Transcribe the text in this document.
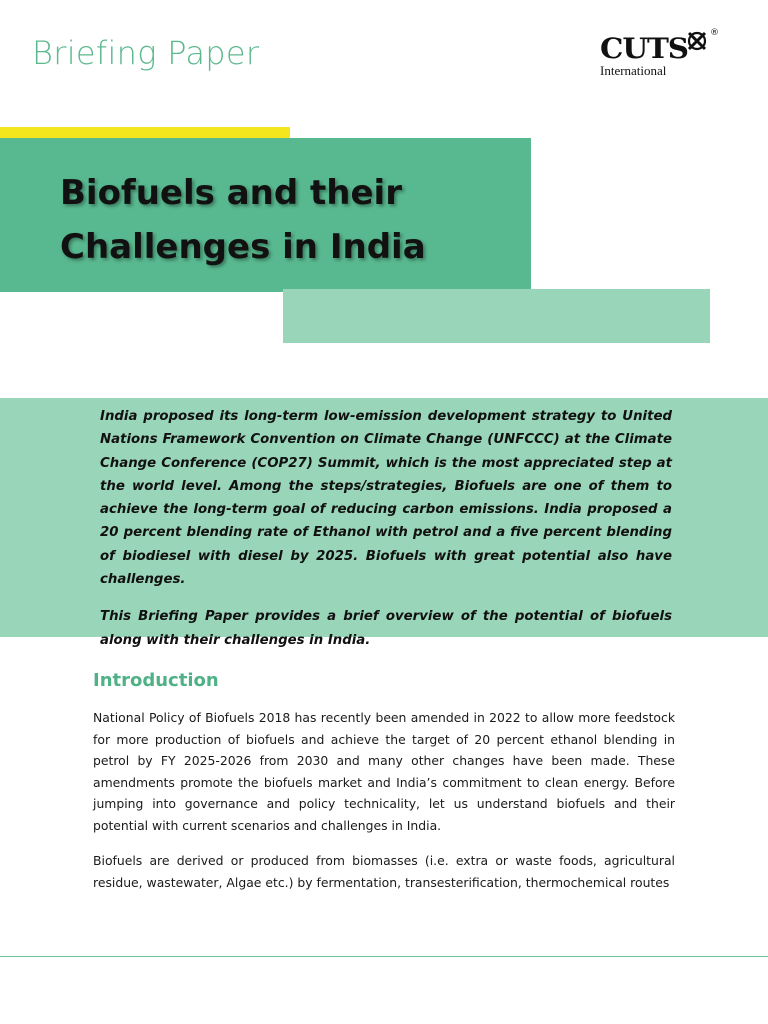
Briefing Paper	CUTS ®
International
Biofuels and their
Challenges in India

India proposed its long-term low-emission development strategy to United Nations Framework Convention on Climate Change (UNFCCC) at the Climate Change Conference (COP27) Summit, which is the most appreciated step at the world level. Among the steps/strategies, Biofuels are one of them to achieve the long-term goal of reducing carbon emissions. India proposed a 20 percent blending rate of Ethanol with petrol and a five percent blending of biodiesel with diesel by 2025. Biofuels with great potential also have challenges.

This Briefing Paper provides a brief overview of the potential of biofuels along with their challenges in India.

Introduction

National Policy of Biofuels 2018 has recently been amended in 2022 to allow more feedstock for more production of biofuels and achieve the target of 20 percent ethanol blending in petrol by FY 2025-2026 from 2030 and many other changes have been made. These amendments promote the biofuels market and India’s commitment to clean energy. Before jumping into governance and policy technicality, let us understand biofuels and their potential with current scenarios and challenges in India.

Biofuels are derived or produced from biomasses (i.e. extra or waste foods, agricultural residue, wastewater, Algae etc.) by fermentation, transesterification, thermochemical routes
